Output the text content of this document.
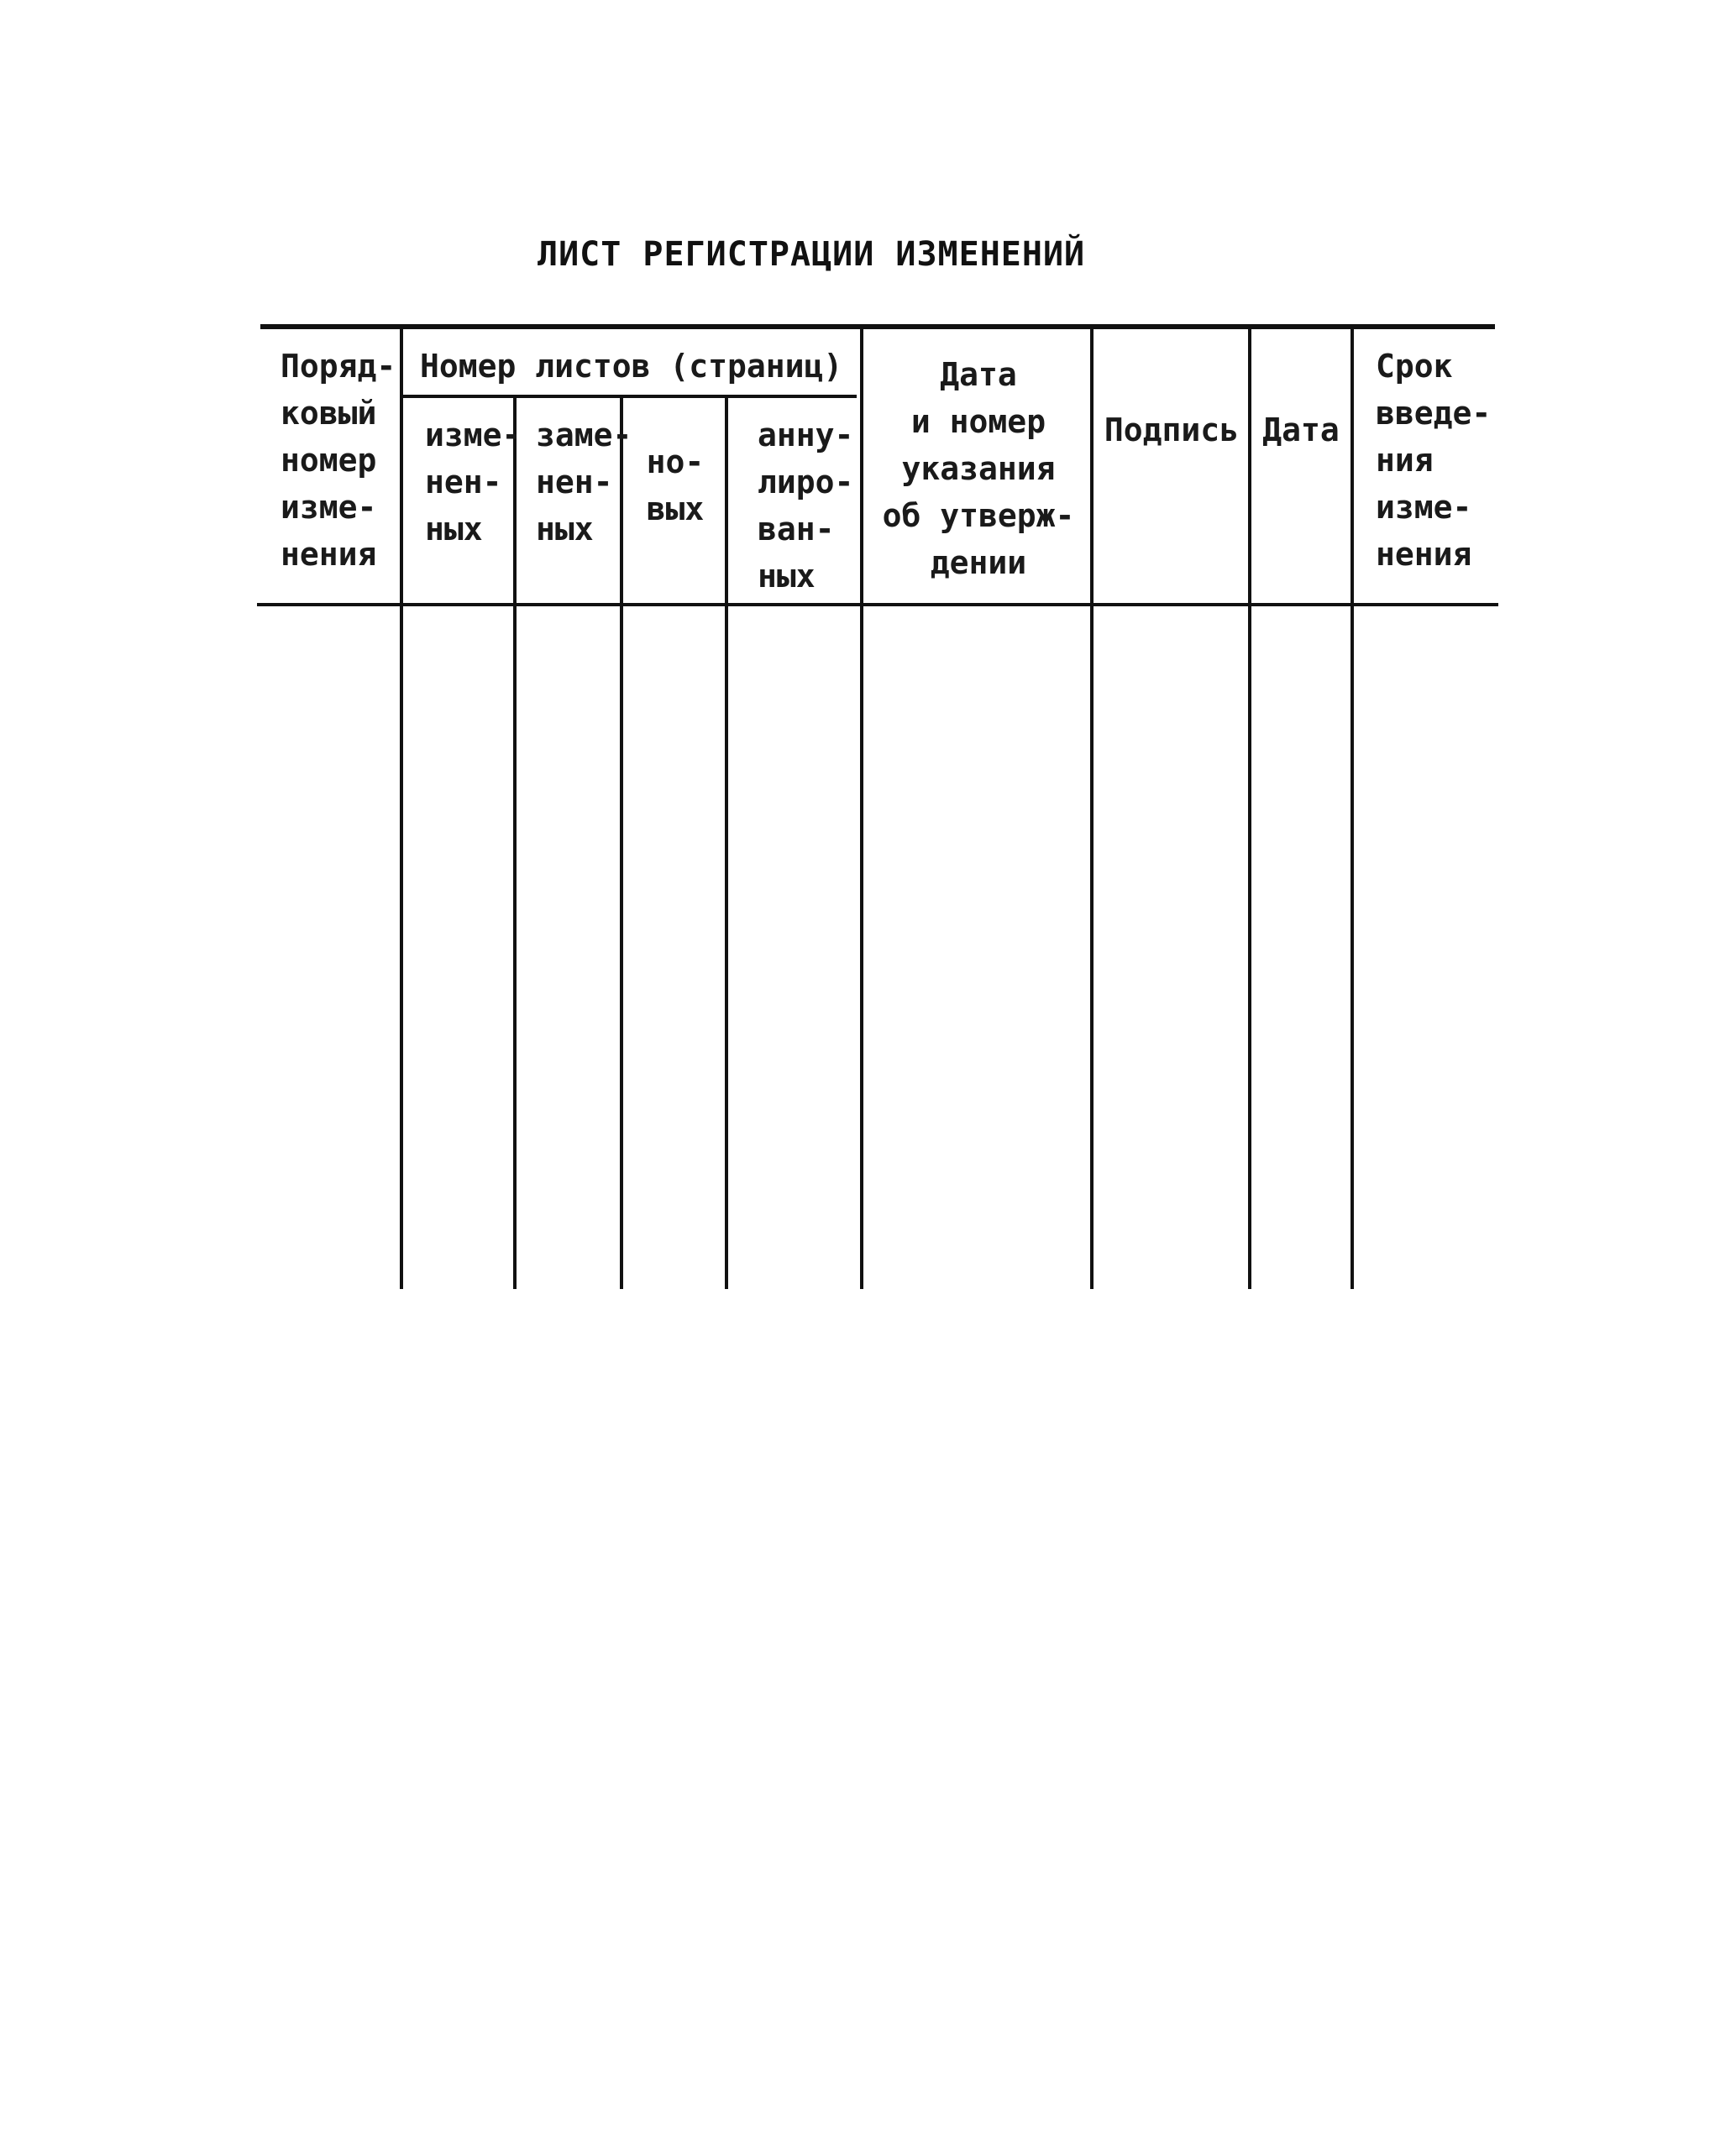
ЛИСТ РЕГИСТРАЦИИ ИЗМЕНЕНИЙ
Поряд-
ковый
номер
изме-
нения
Номер листов (страниц)
изме-
нен-
ных
заме-
нен-
ных
но-
вых
анну-
лиро-
ван-
ных
Дата
и номер
указания
об утверж-
дении
Подпись Дата
Срок
введе-
ния
изме-
нения
